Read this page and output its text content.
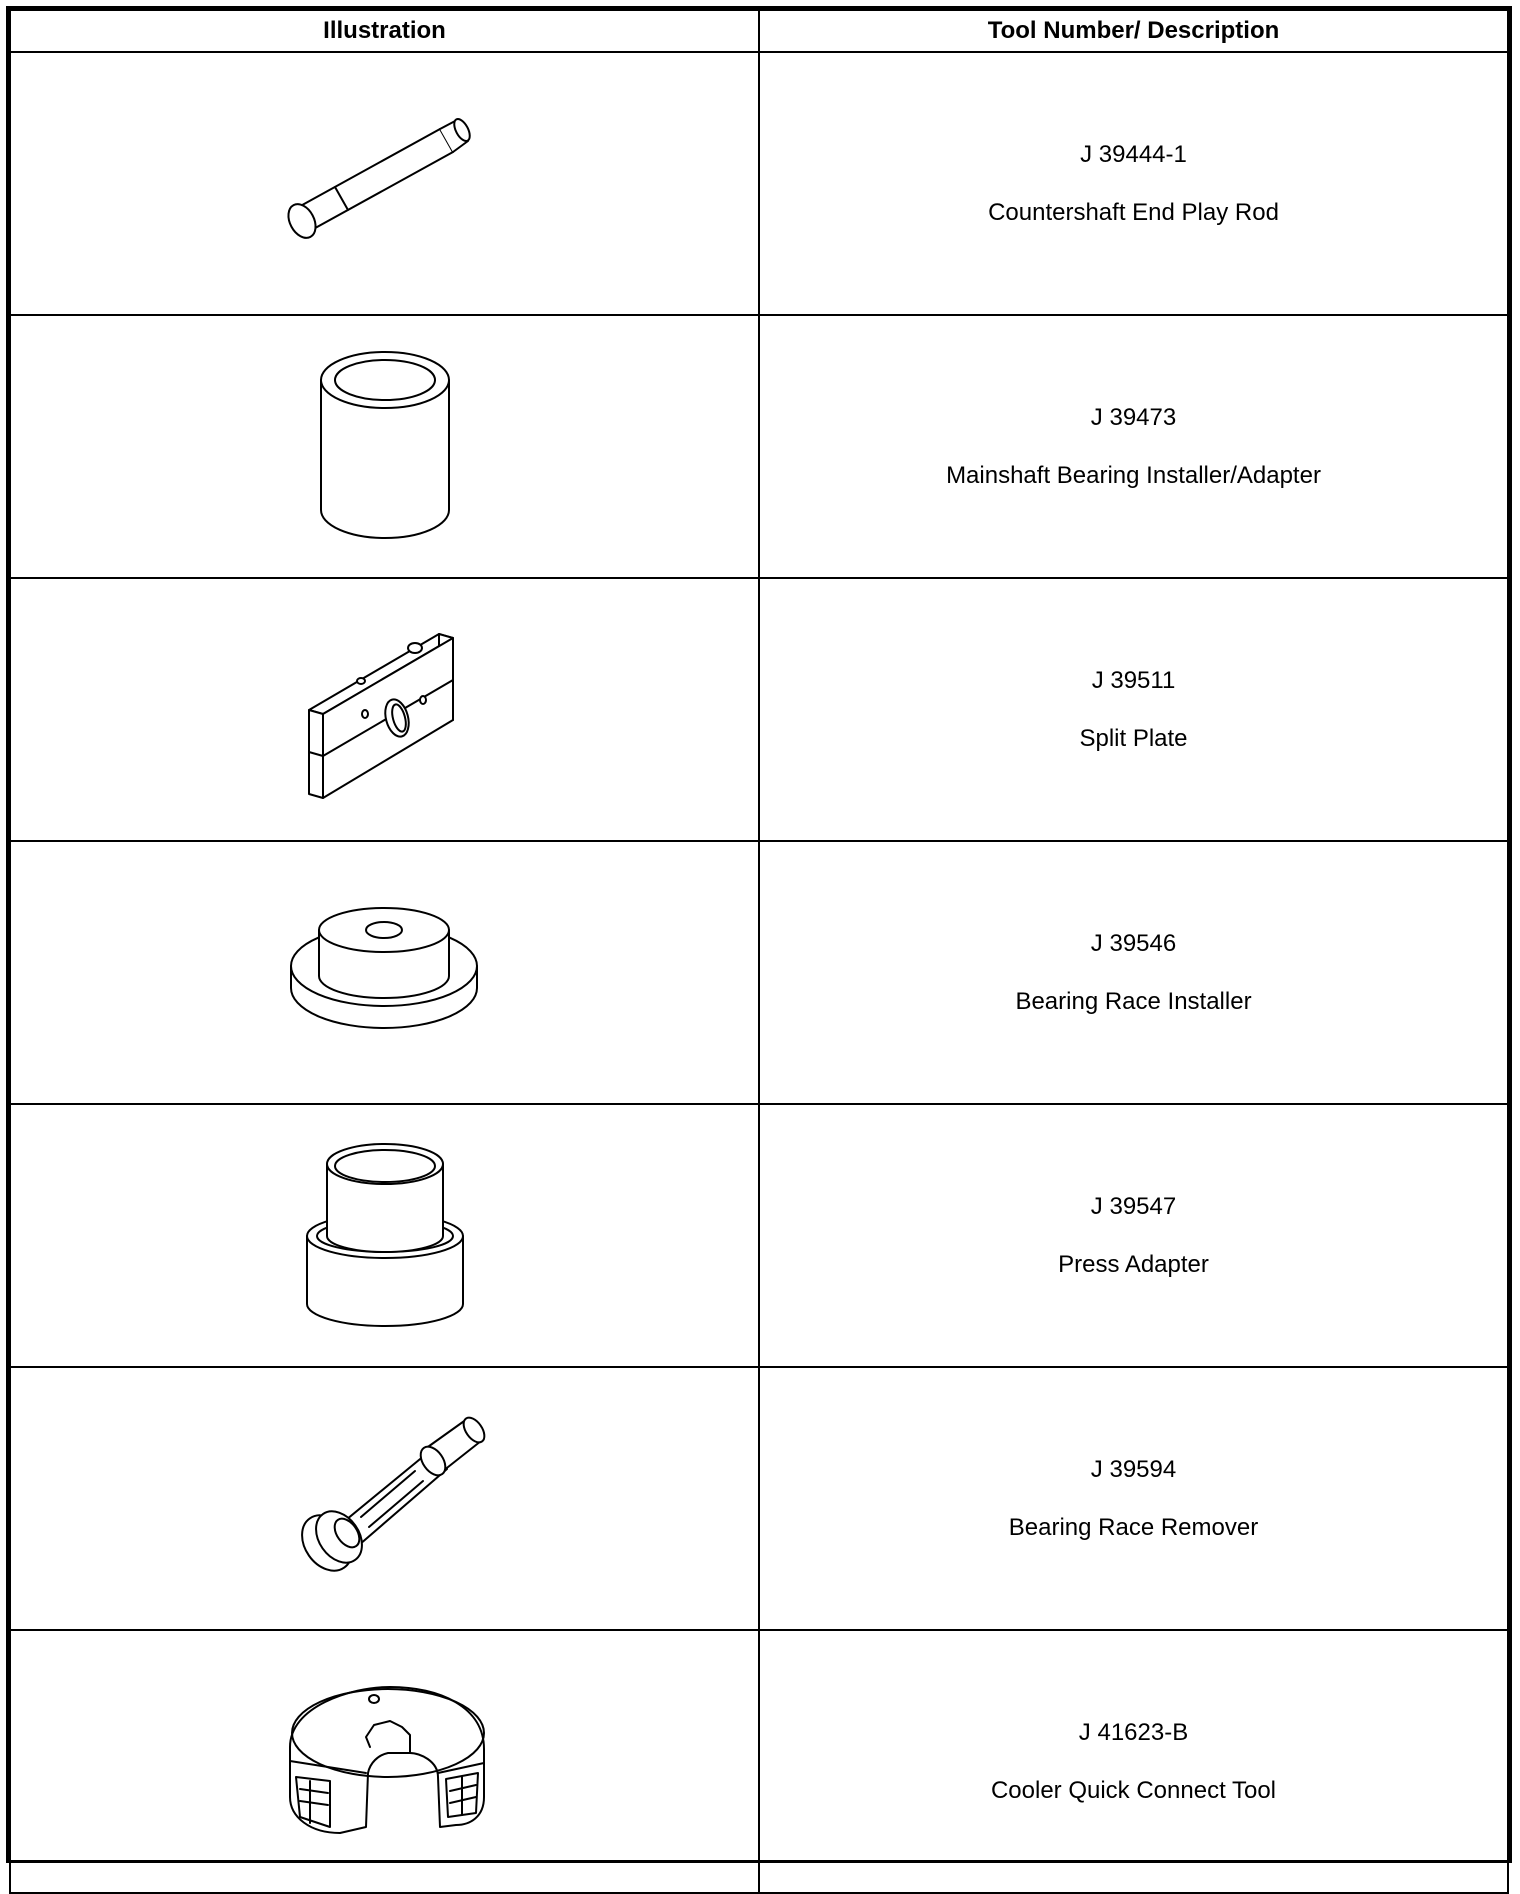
Illustration	Tool Number/ Description

J 39444-1
Countershaft End Play Rod

J 39473
Mainshaft Bearing Installer/Adapter

J 39511
Split Plate

J 39546
Bearing Race Installer

J 39547
Press Adapter

J 39594
Bearing Race Remover

J 41623-B
Cooler Quick Connect Tool
